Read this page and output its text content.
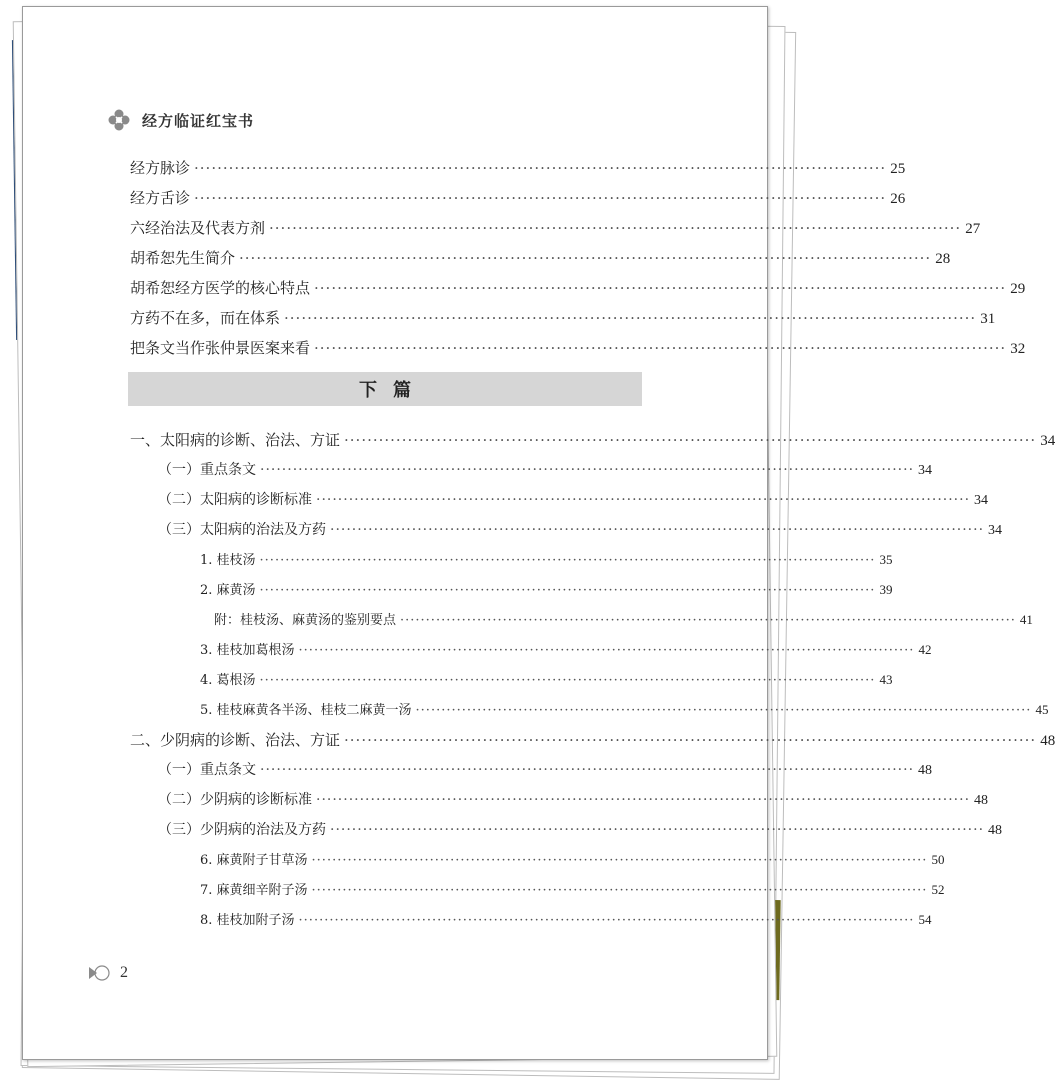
经方临证红宝书
经方脉诊 ························································································································ 25
经方舌诊 ························································································································ 26
六经治法及代表方剂 ························································································································ 27
胡希恕先生简介 ························································································································ 28
胡希恕经方医学的核心特点 ························································································································ 29
方药不在多，而在体系 ························································································································ 31
把条文当作张仲景医案来看 ························································································································ 32
下篇
一、太阳病的诊断、治法、方证 ························································································································ 34
（一）重点条文 ························································································································ 34
（二）太阳病的诊断标准 ························································································································ 34
（三）太阳病的治法及方药 ························································································································ 34
1. 桂枝汤 ························································································································ 35
2. 麻黄汤 ························································································································ 39
附：桂枝汤、麻黄汤的鉴别要点 ························································································································ 41
3. 桂枝加葛根汤 ························································································································ 42
4. 葛根汤 ························································································································ 43
5. 桂枝麻黄各半汤、桂枝二麻黄一汤 ························································································································ 45
二、少阴病的诊断、治法、方证 ························································································································ 48
（一）重点条文 ························································································································ 48
（二）少阴病的诊断标准 ························································································································ 48
（三）少阴病的治法及方药 ························································································································ 48
6. 麻黄附子甘草汤 ························································································································ 50
7. 麻黄细辛附子汤 ························································································································ 52
8. 桂枝加附子汤 ························································································································ 54
2
